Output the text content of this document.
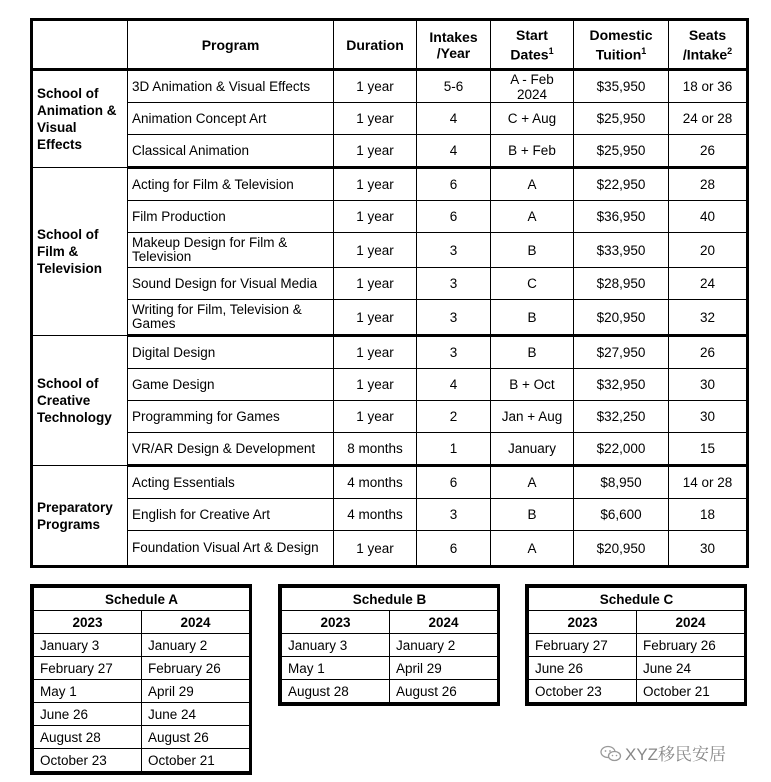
	Program	Duration	Intakes /Year	Start Dates$^1$	Domestic Tuition$^1$	Seats /Intake$^2$
School of Animation & Visual Effects	3D Animation & Visual Effects	1 year	5-6	A - Feb 2024	$35,950	18 or 36
	Animation Concept Art	1 year	4	C + Aug	$25,950	24 or 28
	Classical Animation	1 year	4	B + Feb	$25,950	26
School of Film & Television	Acting for Film & Television	1 year	6	A	$22,950	28
	Film Production	1 year	6	A	$36,950	40
	Makeup Design for Film & Television	1 year	3	B	$33,950	20
	Sound Design for Visual Media	1 year	3	C	$28,950	24
	Writing for Film, Television & Games	1 year	3	B	$20,950	32
School of Creative Technology	Digital Design	1 year	3	B	$27,950	26
	Game Design	1 year	4	B + Oct	$32,950	30
	Programming for Games	1 year	2	Jan + Aug	$32,250	30
	VR/AR Design & Development	8 months	1	January	$22,000	15
Preparatory Programs	Acting Essentials	4 months	6	A	$8,950	14 or 28
	English for Creative Art	4 months	3	B	$6,600	18
	Foundation Visual Art & Design	1 year	6	A	$20,950	30
Schedule A	
2023	2024
January 3	January 2
February 27	February 26
May 1	April 29
June 26	June 24
August 28	August 26
October 23	October 21
Schedule B	
2023	2024
January 3	January 2
May 1	April 29
August 28	August 26
Schedule C	
2023	2024
February 27	February 26
June 26	June 24
October 23	October 21
XYZ移民安居
